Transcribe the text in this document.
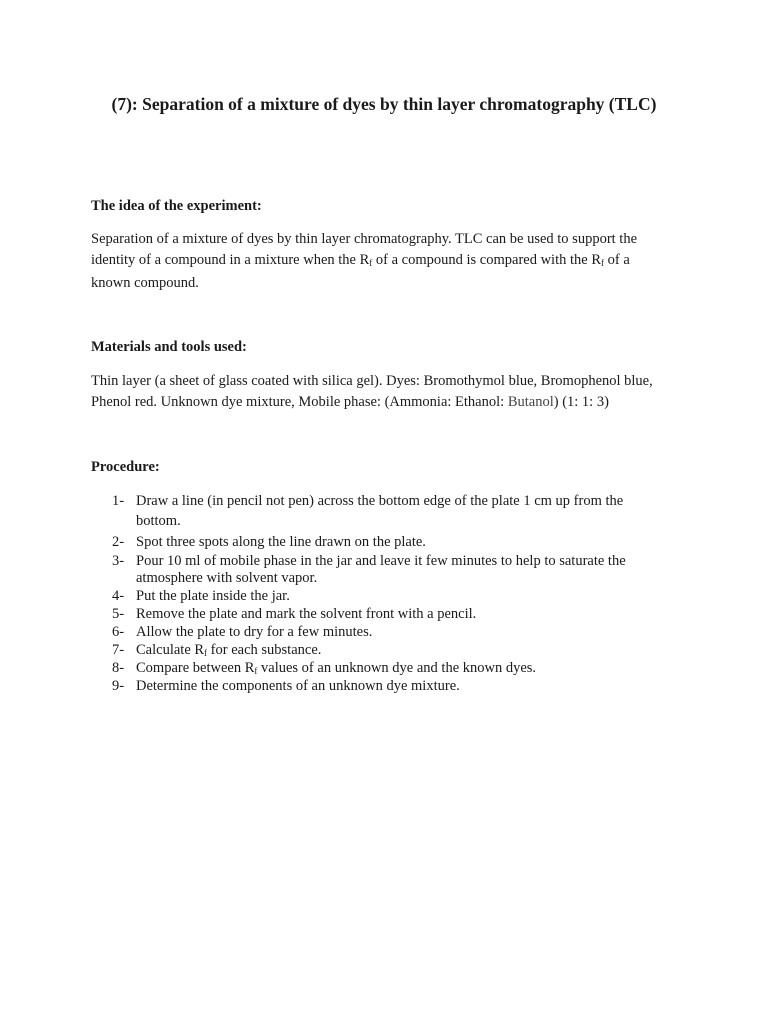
(7): Separation of a mixture of dyes by thin layer chromatography (TLC)
The idea of the experiment:

Separation of a mixture of dyes by thin layer chromatography. TLC can be used to support the
identity of a compound in a mixture when the $R_f$ of a compound is compared with the $R_f$ of a
known compound.

Materials and tools used:

Thin layer (a sheet of glass coated with silica gel). Dyes: Bromothymol blue, Bromophenol blue,
Phenol red. Unknown dye mixture, Mobile phase: (Ammonia: Ethanol: Butanol) (1: 1: 3)

Procedure:
1- Draw a line (in pencil not pen) across the bottom edge of the plate 1 cm up from the
bottom.
2- Spot three spots along the line drawn on the plate.
3- Pour 10 ml of mobile phase in the jar and leave it few minutes to help to saturate the
atmosphere with solvent vapor.
4- Put the plate inside the jar.
5- Remove the plate and mark the solvent front with a pencil.
6- Allow the plate to dry for a few minutes.
7- Calculate $R_f$ for each substance.
8- Compare between $R_f$ values of an unknown dye and the known dyes.
9- Determine the components of an unknown dye mixture.
